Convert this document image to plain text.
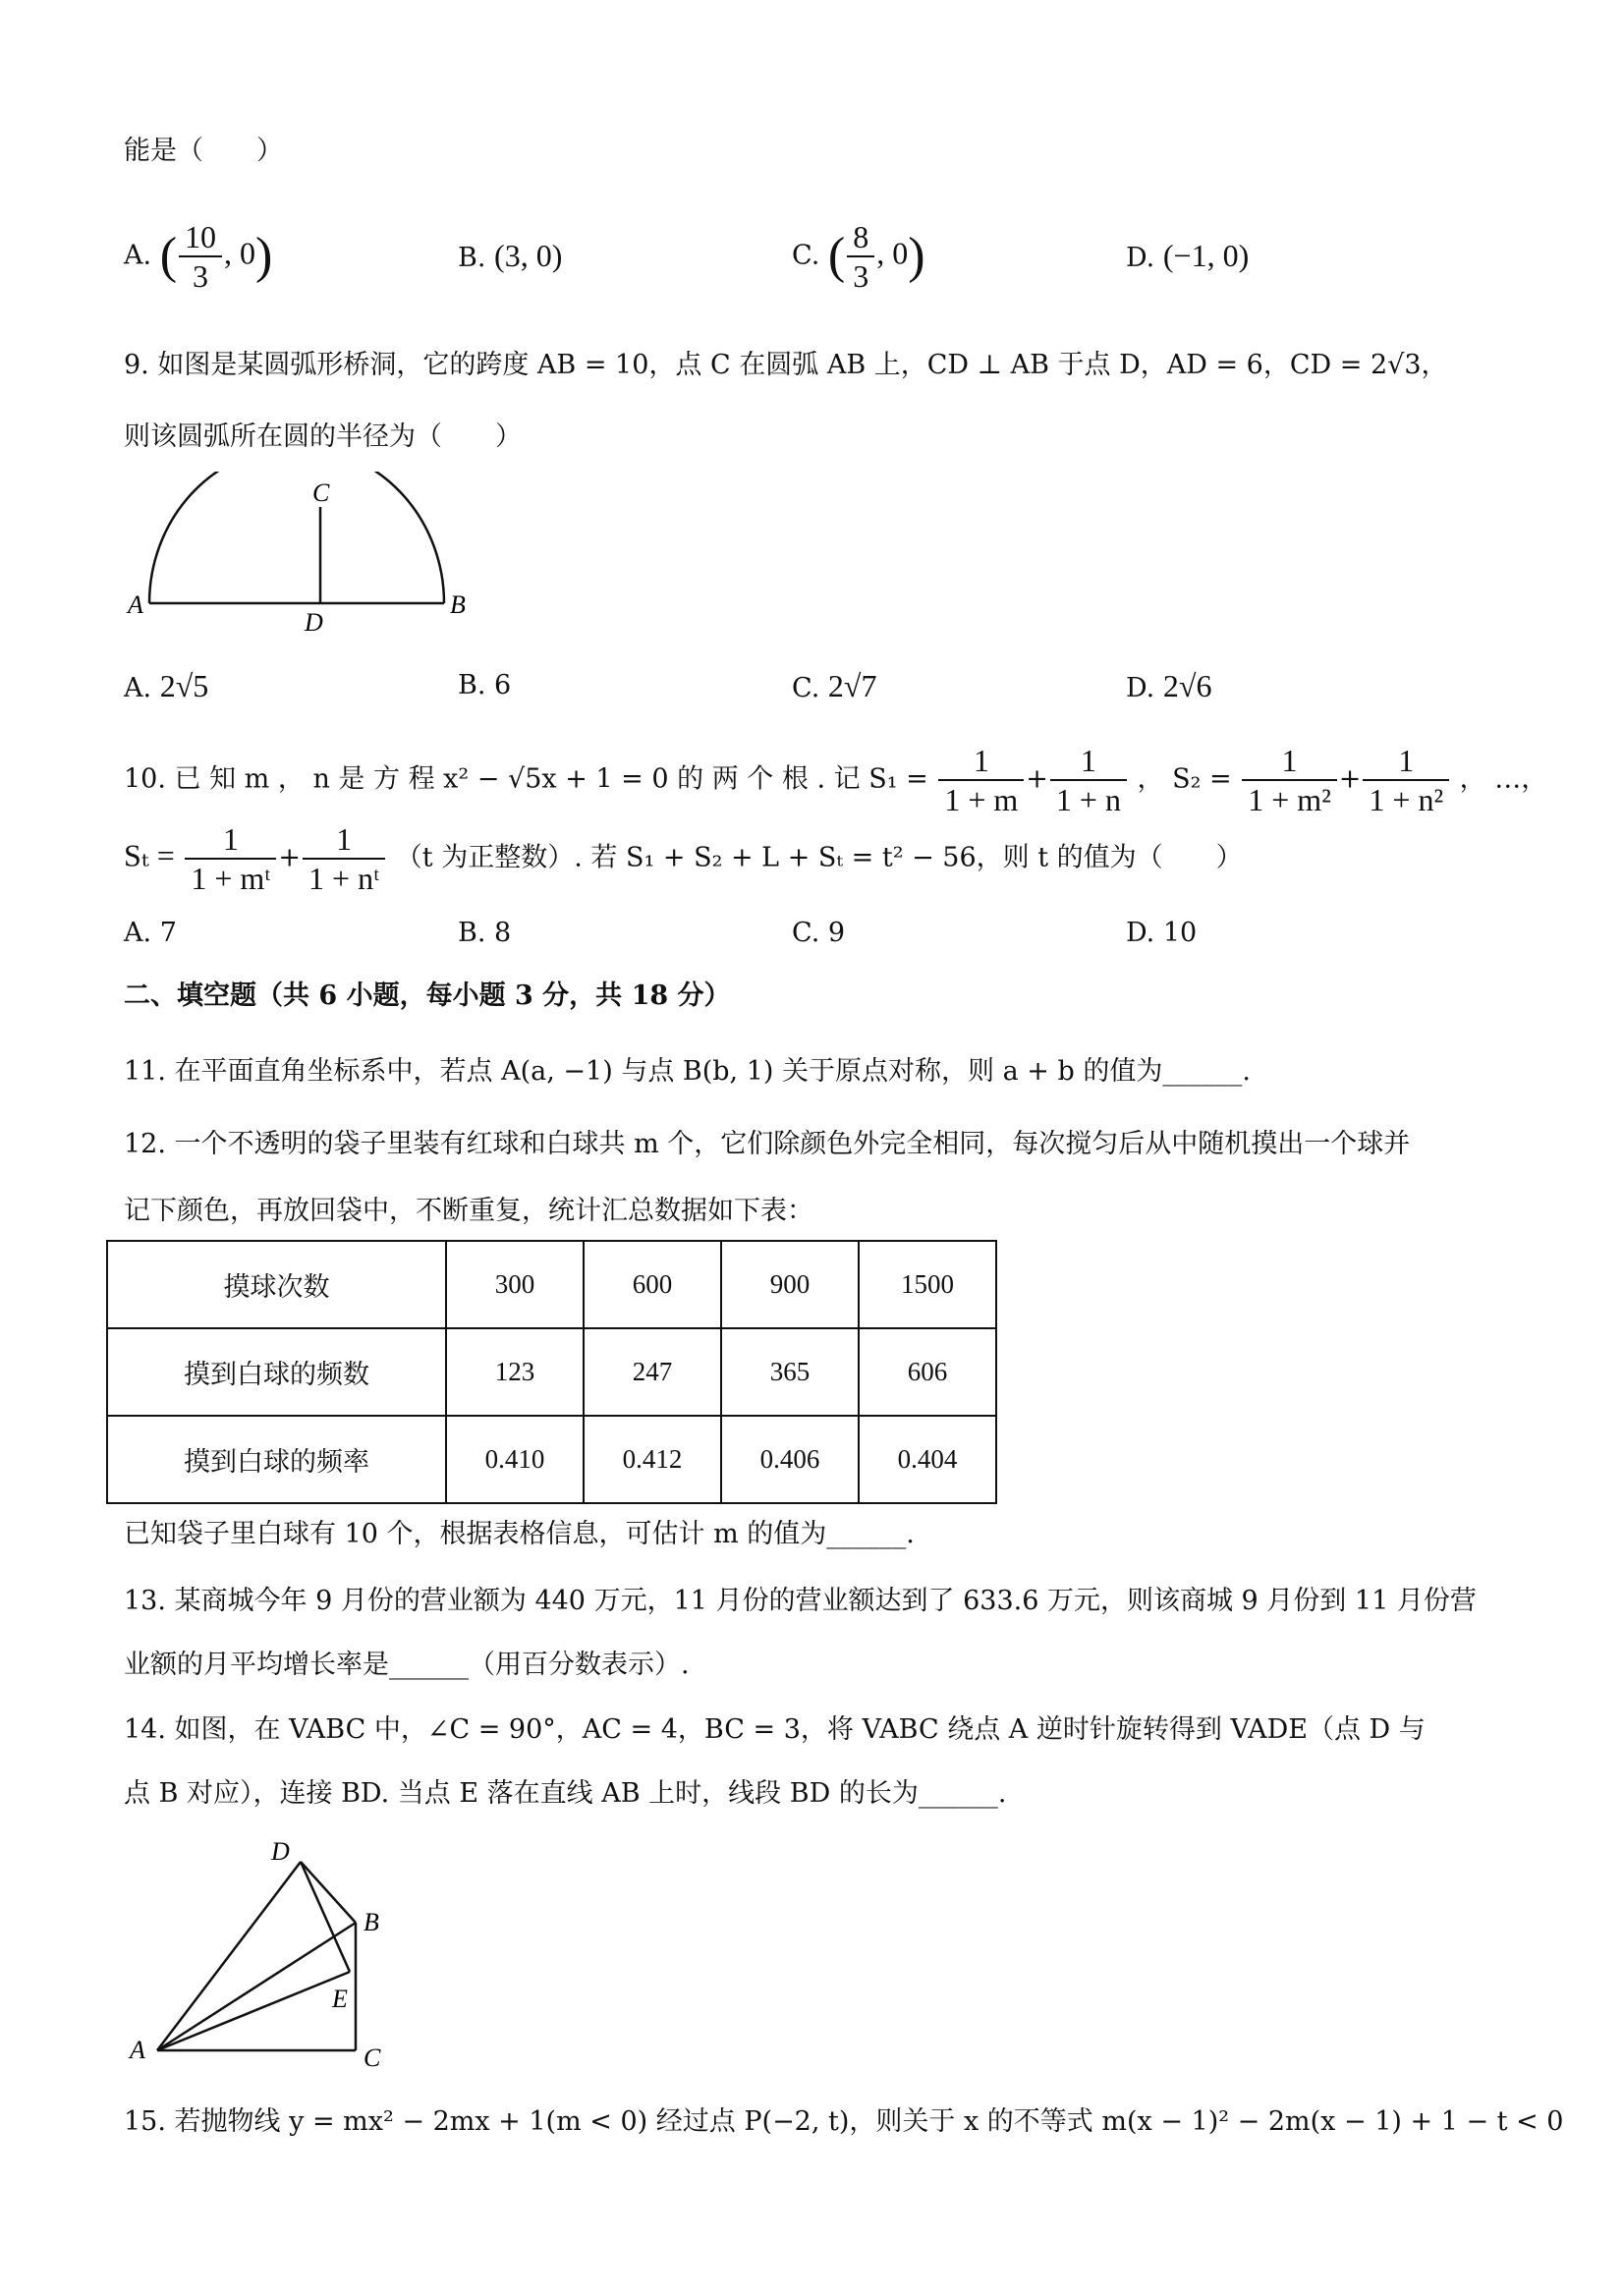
能是（　　）
A. ( $\frac{10}{3}$ , 0)	B. (3, 0)	C. ( $\frac{8}{3}$ , 0)	D. (−1, 0)
9. 如图是某圆弧形桥洞，它的跨度 AB = 10，点 C 在圆弧 AB 上，CD ⊥ AB 于点 D，AD = 6，CD = 2√3，
则该圆弧所在圆的半径为（　　）
A	B
C
D
A. 2√5	B. 6	C. 2√7	D. 2√6
10. 已 知 m ， n 是 方 程 x² − √5x + 1 = 0 的 两 个 根 . 记 $S_1 = \frac{1}{1 + m} + \frac{1}{1 + n}$ ， $S_2 = \frac{1}{\text{1 + m²}} + \frac{1}{\text{1 + n²}}$ ， …，
$S_t = \frac{1}{\text{1 + mᵗ}} + \frac{1}{\text{1 + nᵗ}} (t$ 为正整数）. 若 S₁ + S₂ + L + Sₜ = t² − 56，则 t 的值为（　　）
A. 7	B. 8	C. 9	D. 10
二、填空题（共 6 小题，每小题 3 分，共 18 分）
11. 在平面直角坐标系中，若点 A(a, −1) 与点 B(b, 1) 关于原点对称，则 a + b 的值为______.
12. 一个不透明的袋子里装有红球和白球共 m 个，它们除颜色外完全相同，每次搅匀后从中随机摸出一个球并
记下颜色，再放回袋中，不断重复，统计汇总数据如下表：
摸球次数	300	600	900	1500
摸到白球的频数	123	247	365	606
摸到白球的频率	0.410	0.412	0.406	0.404
已知袋子里白球有 10 个，根据表格信息，可估计 m 的值为______.
13. 某商城今年 9 月份的营业额为 440 万元，11 月份的营业额达到了 633.6 万元，则该商城 9 月份到 11 月份营
业额的月平均增长率是______（用百分数表示）.
14. 如图，在 VABC 中，∠C = 90°，AC = 4，BC = 3，将 VABC 绕点 A 逆时针旋转得到 VADE（点 D 与
点 B 对应），连接 BD. 当点 E 落在直线 AB 上时，线段 BD 的长为______.
A
B
C
D
E
15. 若抛物线 y = mx² − 2mx + 1(m < 0) 经过点 P(−2, t)，则关于 x 的不等式 m(x − 1)² − 2m(x − 1) + 1 − t < 0
